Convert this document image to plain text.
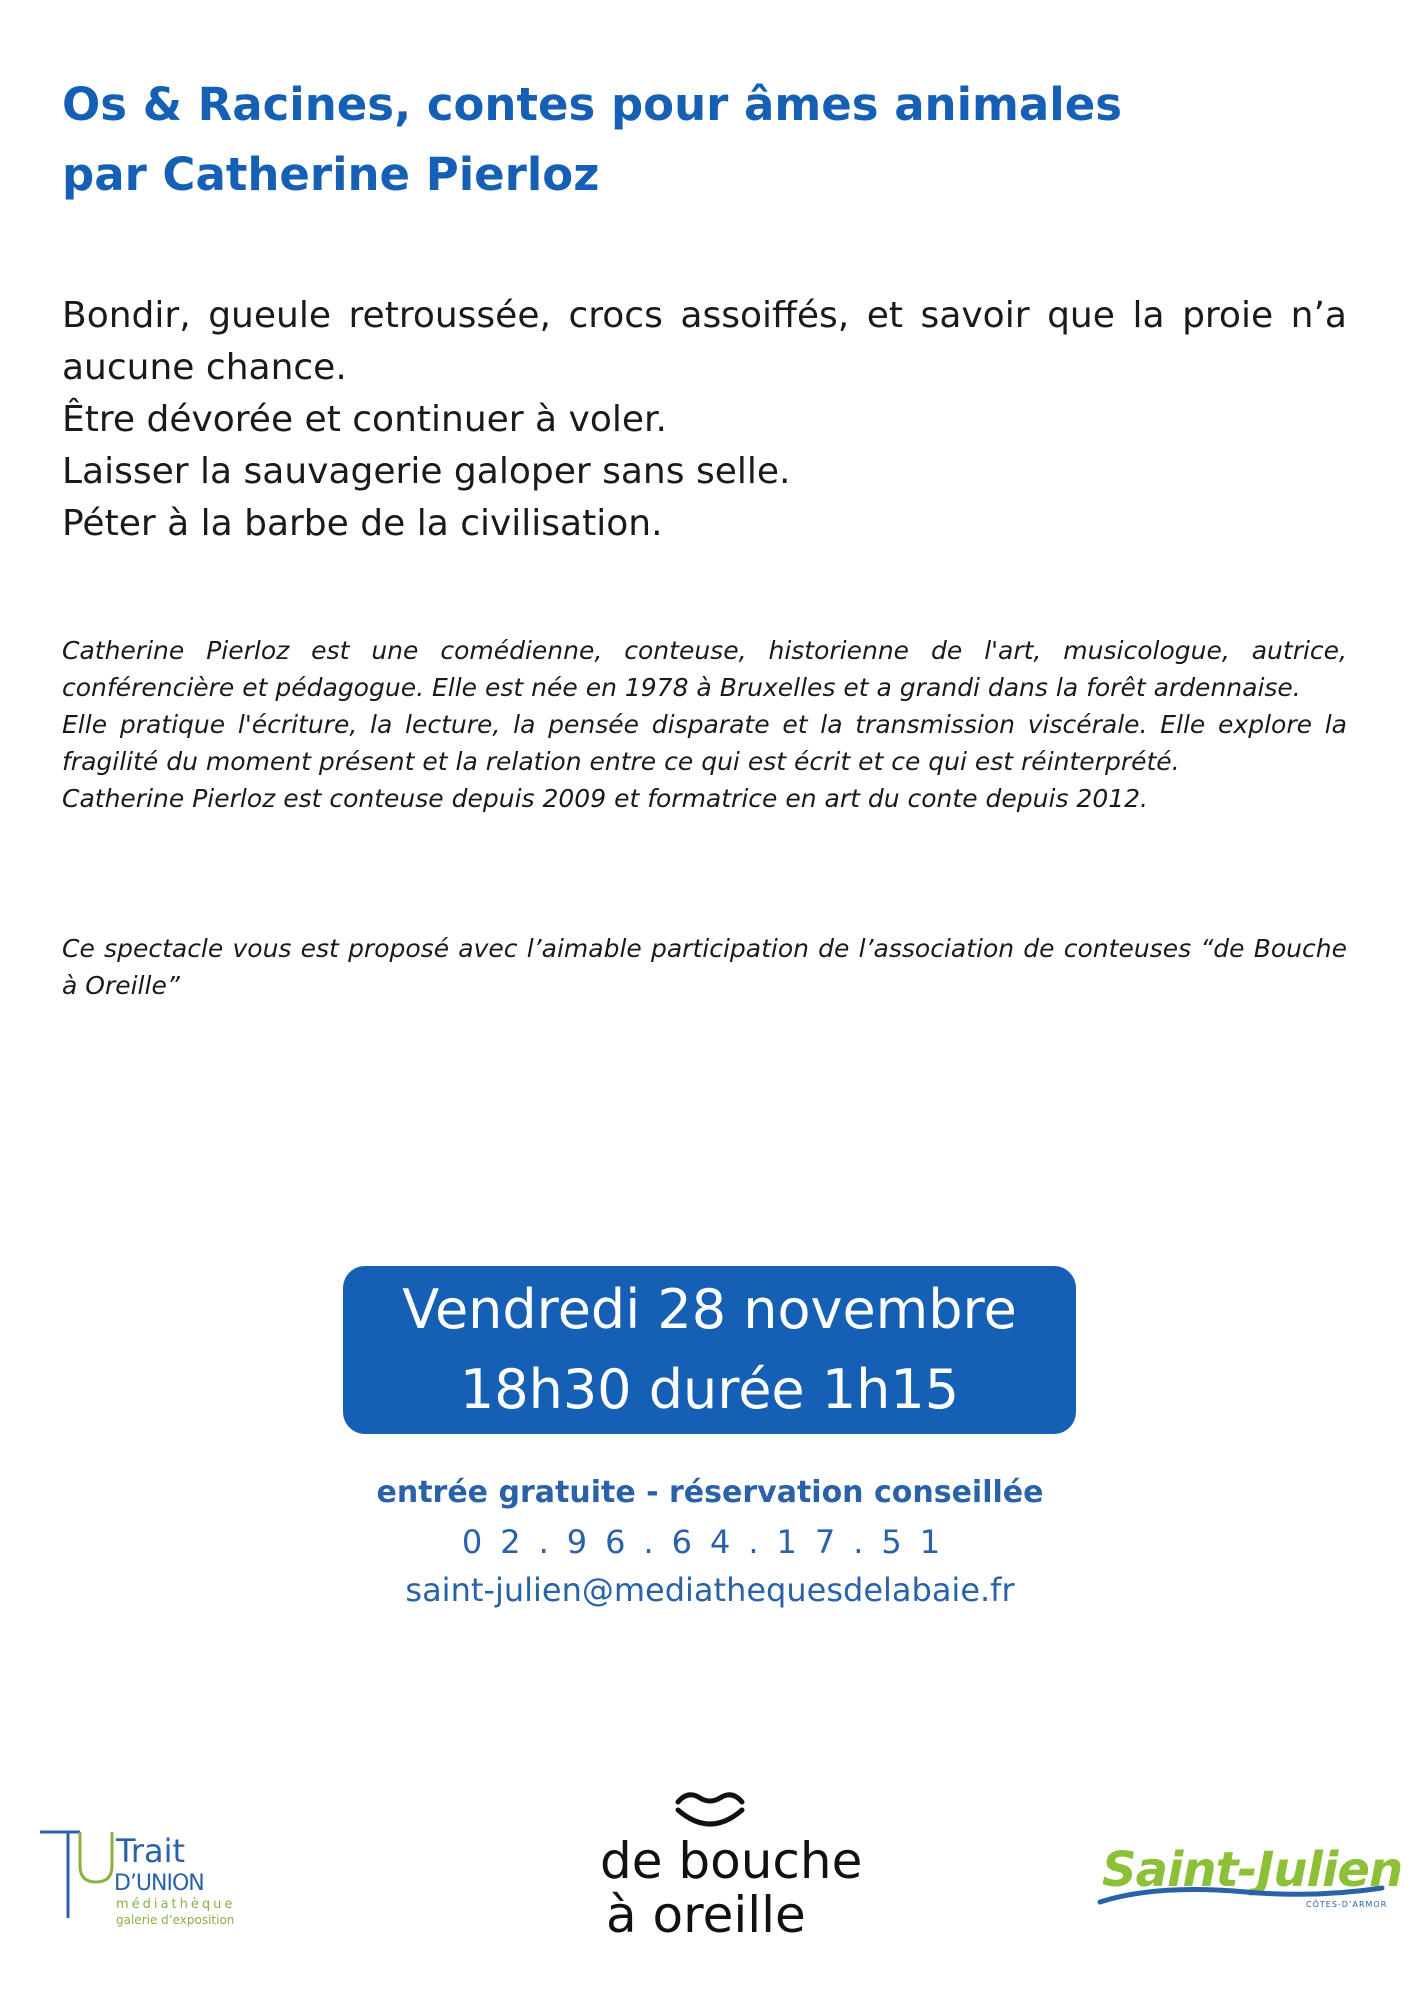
Os & Racines, contes pour âmes animales
par Catherine Pierloz
Bondir, gueule retroussée, crocs assoiffés, et savoir que la proie n’a aucune chance.
Être dévorée et continuer à voler.
Laisser la sauvagerie galoper sans selle.
Péter à la barbe de la civilisation.
Catherine Pierloz est une comédienne, conteuse, historienne de l'art, musicologue, autrice, conférencière et pédagogue. Elle est née en 1978 à Bruxelles et a grandi dans la forêt ardennaise.
Elle pratique l'écriture, la lecture, la pensée disparate et la transmission viscérale. Elle explore la fragilité du moment présent et la relation entre ce qui est écrit et ce qui est réinterprété.
Catherine Pierloz est conteuse depuis 2009 et formatrice en art du conte depuis 2012.

Ce spectacle vous est proposé avec l’aimable participation de l’association de conteuses “de Bouche à Oreille”

Vendredi 28 novembre
18h30 durée 1h15
entrée gratuite - réservation conseillée
02.96.64.17.51
saint-julien@mediathequesdelabaie.fr
Trait
D’UNION
médiathèque
galerie d’exposition
de bouche
à oreille
Saint-Julien
CÔTES-D’ARMOR
